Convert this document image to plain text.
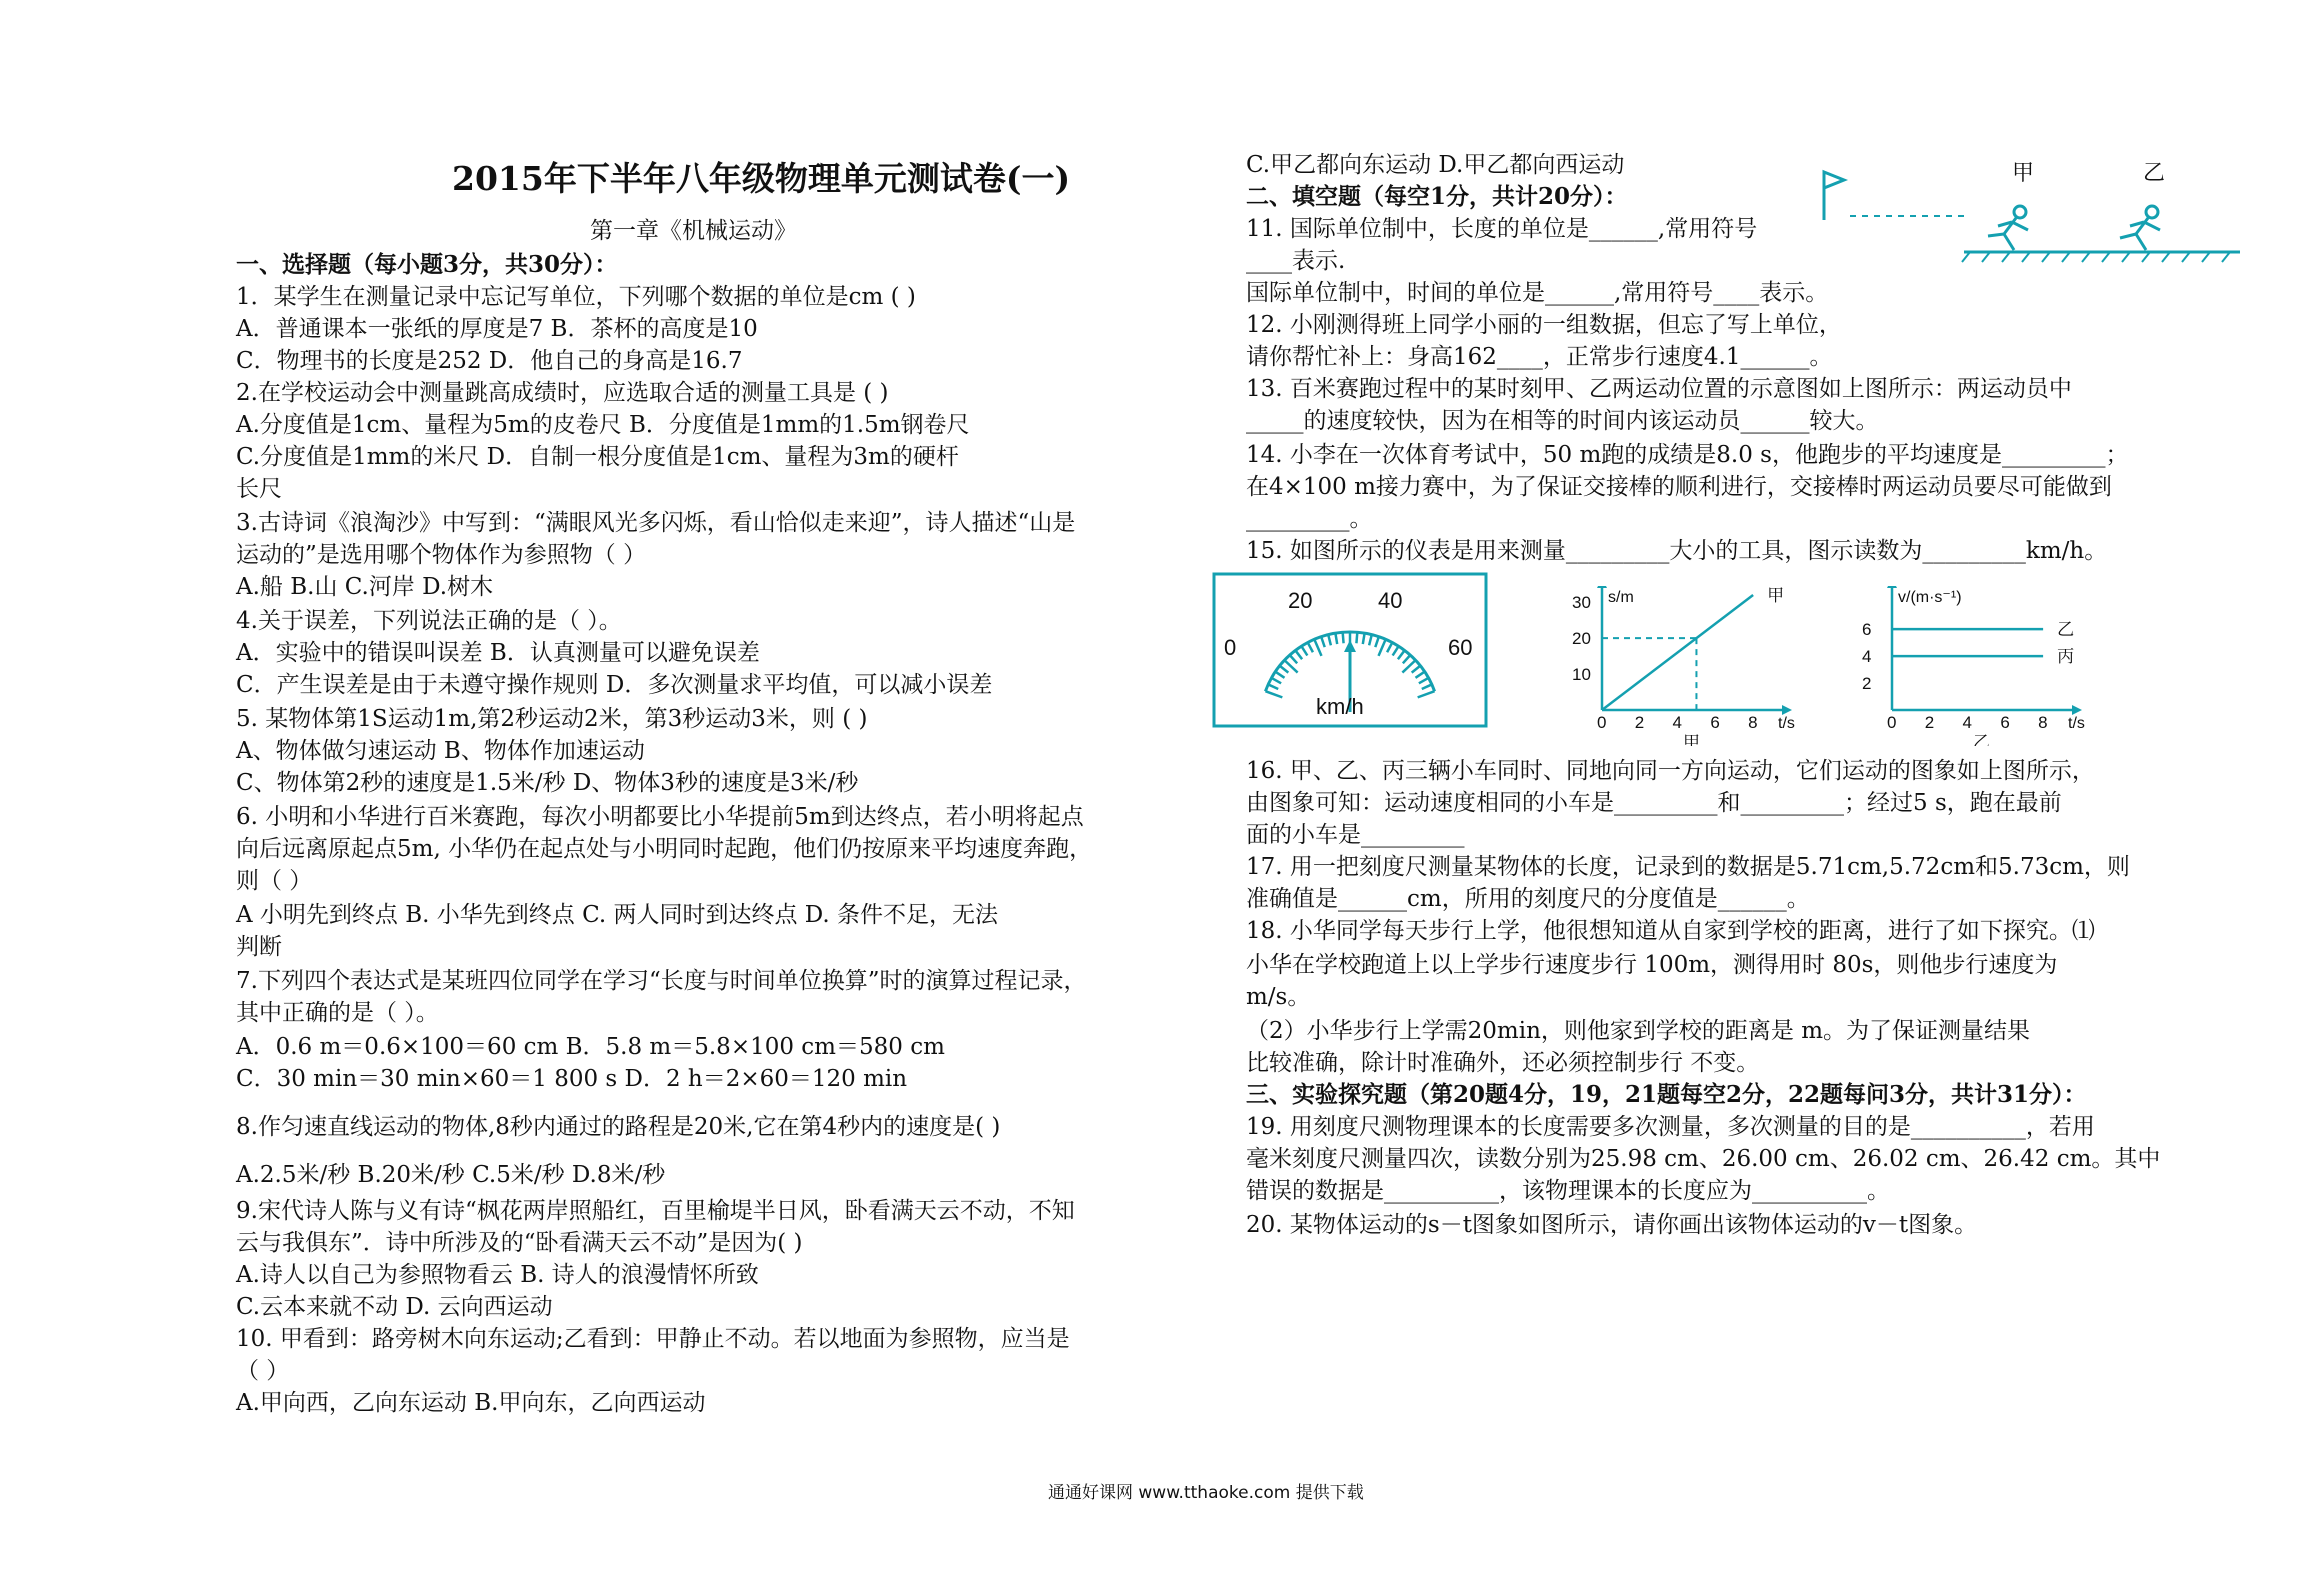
2015年下半年八年级物理单元测试卷(一)
第一章《机械运动》
一、选择题（每小题3分，共30分）：
1．某学生在测量记录中忘记写单位，下列哪个数据的单位是cm ( )
A．普通课本一张纸的厚度是7 B．茶杯的高度是10
C．物理书的长度是252 D．他自己的身高是16.7
2.在学校运动会中测量跳高成绩时，应选取合适的测量工具是 ( )
A.分度值是1cm、量程为5m的皮卷尺 B．分度值是1mm的1.5m钢卷尺
C.分度值是1mm的米尺 D．自制一根分度值是1cm、量程为3m的硬杆
长尺
3.古诗词《浪淘沙》中写到：“满眼风光多闪烁，看山恰似走来迎”，诗人描述“山是
运动的”是选用哪个物体作为参照物（ ）
A.船 B.山 C.河岸 D.树木
4.关于误差，下列说法正确的是（ ）。
A．实验中的错误叫误差 B．认真测量可以避免误差
C．产生误差是由于未遵守操作规则 D．多次测量求平均值，可以减小误差
5. 某物体第1S运动1m,第2秒运动2米，第3秒运动3米，则 ( )
A、物体做匀速运动 B、物体作加速运动
C、物体第2秒的速度是1.5米/秒 D、物体3秒的速度是3米/秒
6. 小明和小华进行百米赛跑，每次小明都要比小华提前5m到达终点，若小明将起点
向后远离原起点5m, 小华仍在起点处与小明同时起跑，他们仍按原来平均速度奔跑，
则（ ）
A 小明先到终点 B. 小华先到终点 C. 两人同时到达终点 D. 条件不足，无法
判断
7.下列四个表达式是某班四位同学在学习“长度与时间单位换算”时的演算过程记录，
其中正确的是（ ）。
A．0.6 m＝0.6×100＝60 cm B．5.8 m＝5.8×100 cm＝580 cm
C．30 min＝30 min×60＝1 800 s D．2 h＝2×60＝120 min
8.作匀速直线运动的物体,8秒内通过的路程是20米,它在第4秒内的速度是( )
A.2.5米/秒 B.20米/秒 C.5米/秒 D.8米/秒
9.宋代诗人陈与义有诗“枫花两岸照船红，百里榆堤半日风，卧看满天云不动，不知
云与我俱东”．诗中所涉及的“卧看满天云不动”是因为( )
A.诗人以自己为参照物看云 B. 诗人的浪漫情怀所致
C.云本来就不动 D. 云向西运动
10. 甲看到：路旁树木向东运动;乙看到：甲静止不动。若以地面为参照物，应当是
（ ）
A.甲向西，乙向东运动 B.甲向东，乙向西运动
C.甲乙都向东运动 D.甲乙都向西运动
二、填空题（每空1分，共计20分）：
11. 国际单位制中，长度的单位是______,常用符号
____表示.
国际单位制中，时间的单位是______,常用符号____表示。
12. 小刚测得班上同学小丽的一组数据，但忘了写上单位，
请你帮忙补上：身高162____，正常步行速度4.1______。
13. 百米赛跑过程中的某时刻甲、乙两运动位置的示意图如上图所示：两运动员中
_____的速度较快，因为在相等的时间内该运动员______较大。
14. 小李在一次体育考试中，50 m跑的成绩是8.0 s，他跑步的平均速度是_________；
在4×100 m接力赛中，为了保证交接棒的顺利进行，交接棒时两运动员要尽可能做到
_________。
15. 如图所示的仪表是用来测量_________大小的工具，图示读数为_________km/h。
16. 甲、乙、丙三辆小车同时、同地向同一方向运动，它们运动的图象如上图所示，
由图象可知：运动速度相同的小车是_________和_________；经过5 s，跑在最前
面的小车是_________
17. 用一把刻度尺测量某物体的长度，记录到的数据是5.71cm,5.72cm和5.73cm，则
准确值是______cm，所用的刻度尺的分度值是______。
18. 小华同学每天步行上学，他很想知道从自家到学校的距离，进行了如下探究。⑴
小华在学校跑道上以上学步行速度步行 100m，测得用时 80s，则他步行速度为
m/s。
（2）小华步行上学需20min，则他家到学校的距离是 m。为了保证测量结果
比较准确，除计时准确外，还必须控制步行 不变。
三、实验探究题（第20题4分，19，21题每空2分，22题每问3分，共计31分）：
19. 用刻度尺测物理课本的长度需要多次测量，多次测量的目的是__________，若用
毫米刻度尺测量四次，读数分别为25.98 cm、26.00 cm、26.02 cm、26.42 cm。其中
错误的数据是__________，该物理课本的长度应为__________。
20. 某物体运动的s－t图象如图所示，请你画出该物体运动的v－t图象。
甲	乙
0
20	40
60
km/h
0 2 4 6 8
10
20
30
t/s
s/m
甲
甲
0 2 4 6 8
2
4
6
t/s
v/(m·s⁻¹)
乙
乙
丙
通通好课网 www.tthaoke.com 提供下载
